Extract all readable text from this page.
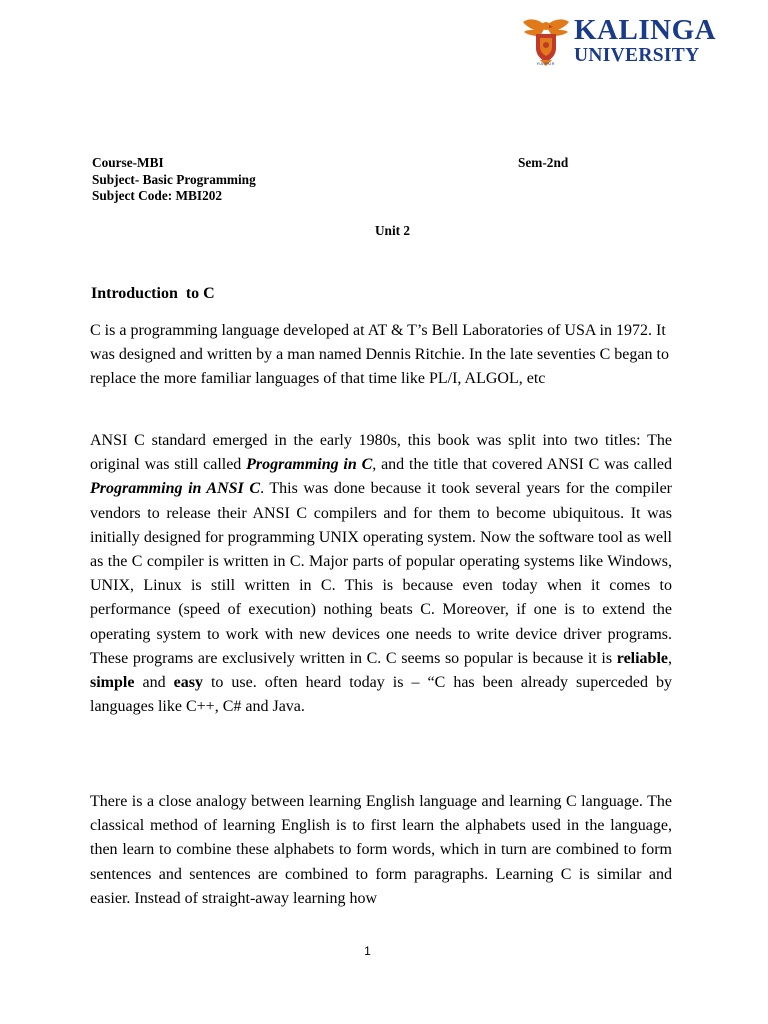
RAIPUR
KALINGA
UNIVERSITY
Course-MBI
Subject- Basic Programming
Subject Code: MBI202
Sem-2nd
Unit 2
Introduction  to C

C is a programming language developed at AT & T’s Bell Laboratories of USA in 1972. It was designed and written by a man named Dennis Ritchie. In the late seventies C began to replace the more familiar languages of that time like PL/I, ALGOL, etc

ANSI C standard emerged in the early 1980s, this book was split into two titles: The original was still called Programming in C, and the title that covered ANSI C was called Programming in ANSI C. This was done because it took several years for the compiler vendors to release their ANSI C compilers and for them to become ubiquitous. It was initially designed for programming UNIX operating system. Now the software tool as well as the C compiler is written in C. Major parts of popular operating systems like Windows, UNIX, Linux is still written in C. This is because even today when it comes to performance (speed of execution) nothing beats C. Moreover, if one is to extend the operating system to work with new devices one needs to write device driver programs. These programs are exclusively written in C. C seems so popular is because it is reliable, simple and easy to use. often heard today is – “C has been already superceded by languages like C++, C# and Java.

There is a close analogy between learning English language and learning C language. The classical method of learning English is to first learn the alphabets used in the language, then learn to combine these alphabets to form words, which in turn are combined to form sentences and sentences are combined to form paragraphs. Learning C is similar and easier. Instead of straight-away learning how

1
